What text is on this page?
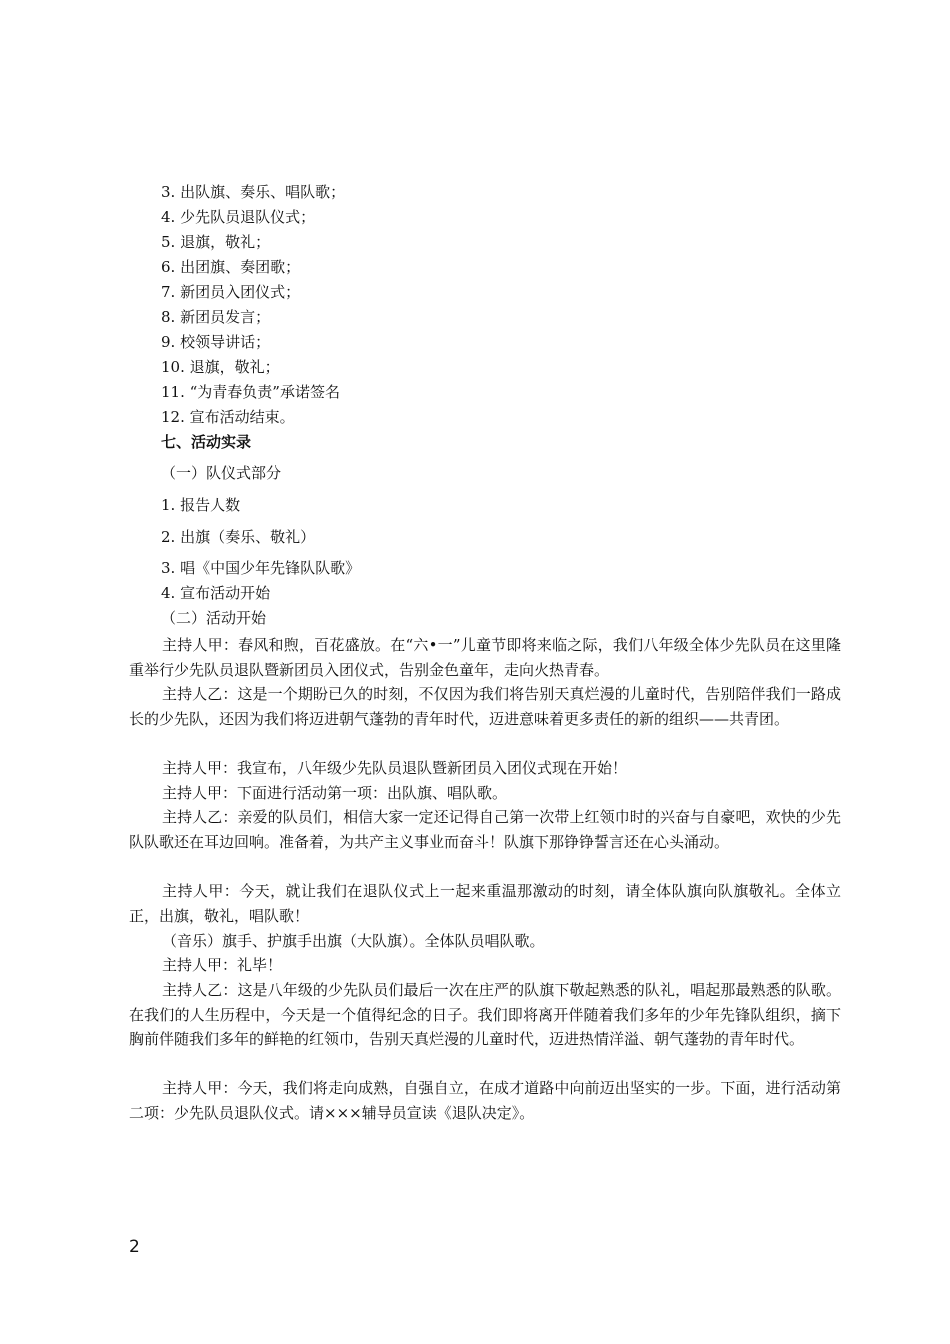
3. 出队旗、奏乐、唱队歌；
4. 少先队员退队仪式；
5. 退旗，敬礼；
6. 出团旗、奏团歌；
7. 新团员入团仪式；
8. 新团员发言；
9. 校领导讲话；
10. 退旗，敬礼；
11. “为青春负责”承诺签名
12. 宣布活动结束。
七、活动实录
（一）队仪式部分
1. 报告人数
2. 出旗（奏乐、敬礼）
3. 唱《中国少年先锋队队歌》
4. 宣布活动开始
（二）活动开始
主持人甲：春风和煦，百花盛放。在“六•一”儿童节即将来临之际，我们八年级全体少先队员在这里隆重举行少先队员退队暨新团员入团仪式，告别金色童年，走向火热青春。
主持人乙：这是一个期盼已久的时刻，不仅因为我们将告别天真烂漫的儿童时代，告别陪伴我们一路成长的少先队，还因为我们将迈进朝气蓬勃的青年时代，迈进意味着更多责任的新的组织——共青团。
主持人甲：我宣布，八年级少先队员退队暨新团员入团仪式现在开始！
主持人甲：下面进行活动第一项：出队旗、唱队歌。
主持人乙：亲爱的队员们，相信大家一定还记得自己第一次带上红领巾时的兴奋与自豪吧，欢快的少先队队歌还在耳边回响。准备着，为共产主义事业而奋斗！队旗下那铮铮誓言还在心头涌动。
主持人甲：今天，就让我们在退队仪式上一起来重温那激动的时刻，请全体队旗向队旗敬礼。全体立正，出旗，敬礼，唱队歌！
（音乐）旗手、护旗手出旗（大队旗）。全体队员唱队歌。
主持人甲：礼毕！
主持人乙：这是八年级的少先队员们最后一次在庄严的队旗下敬起熟悉的队礼，唱起那最熟悉的队歌。在我们的人生历程中，今天是一个值得纪念的日子。我们即将离开伴随着我们多年的少年先锋队组织，摘下胸前伴随我们多年的鲜艳的红领巾，告别天真烂漫的儿童时代，迈进热情洋溢、朝气蓬勃的青年时代。
主持人甲：今天，我们将走向成熟，自强自立，在成才道路中向前迈出坚实的一步。下面，进行活动第二项：少先队员退队仪式。请×××辅导员宣读《退队决定》。
2
